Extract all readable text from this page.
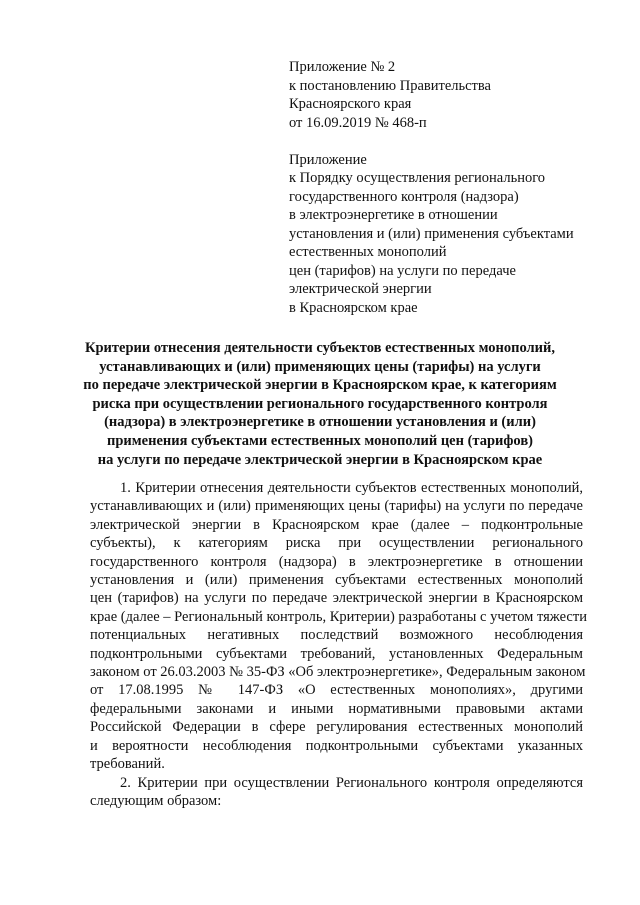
Приложение № 2
к постановлению Правительства
Красноярского края
от 16.09.2019 № 468-п
Приложение
к Порядку осуществления регионального
государственного контроля (надзора)
в электроэнергетике в отношении
установления и (или) применения субъектами
естественных монополий
цен (тарифов) на услуги по передаче
электрической энергии
в Красноярском крае
Критерии отнесения деятельности субъектов естественных монополий,
устанавливающих и (или) применяющих цены (тарифы) на услуги
по передаче электрической энергии в Красноярском крае, к категориям
риска при осуществлении регионального государственного контроля
(надзора) в электроэнергетике в отношении установления и (или)
применения субъектами естественных монополий цен (тарифов)
на услуги по передаче электрической энергии в Красноярском крае
1. Критерии отнесения деятельности субъектов естественных монополий,
устанавливающих и (или) применяющих цены (тарифы) на услуги по передаче
электрической энергии в Красноярском крае (далее – подконтрольные
субъекты), к категориям риска при осуществлении регионального
государственного контроля (надзора) в электроэнергетике в отношении
установления и (или) применения субъектами естественных монополий
цен (тарифов) на услуги по передаче электрической энергии в Красноярском
крае (далее – Региональный контроль, Критерии) разработаны с учетом тяжести
потенциальных негативных последствий возможного несоблюдения
подконтрольными субъектами требований, установленных Федеральным
законом от 26.03.2003 № 35-ФЗ «Об электроэнергетике», Федеральным законом
от 17.08.1995 № 147-ФЗ «О естественных монополиях», другими
федеральными законами и иными нормативными правовыми актами
Российской Федерации в сфере регулирования естественных монополий
и вероятности несоблюдения подконтрольными субъектами указанных
требований.
2. Критерии при осуществлении Регионального контроля определяются
следующим образом:
